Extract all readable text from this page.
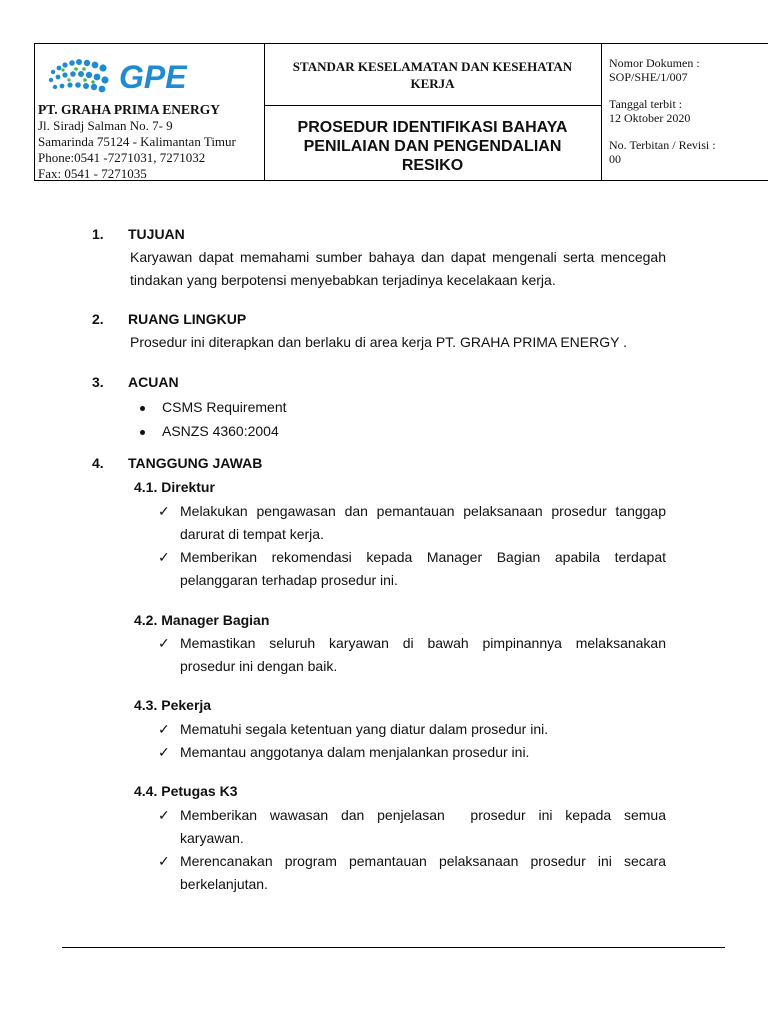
GPE
PT. GRAHA PRIMA ENERGY
Jl. Siradj Salman No. 7- 9
Samarinda 75124 - Kalimantan Timur
Phone:0541 -7271031, 7271032
Fax: 0541 - 7271035
STANDAR KESELAMATAN DAN KESEHATAN
KERJA
PROSEDUR IDENTIFIKASI BAHAYA
PENILAIAN DAN PENGENDALIAN
RESIKO
Nomor Dokumen :
SOP/SHE/1/007
Tanggal terbit :
12 Oktober 2020
No. Terbitan / Revisi :
00
1. TUJUAN
Karyawan dapat memahami sumber bahaya dan dapat mengenali serta mencegah
tindakan yang berpotensi menyebabkan terjadinya kecelakaan kerja.
2. RUANG LINGKUP
Prosedur ini diterapkan dan berlaku di area kerja PT. GRAHA PRIMA ENERGY .
3. ACUAN
CSMS Requirement
ASNZS 4360:2004
4. TANGGUNG JAWAB
4.1. Direktur
✓ Melakukan pengawasan dan pemantauan pelaksanaan prosedur tanggap
darurat di tempat kerja.
✓ Memberikan rekomendasi kepada Manager Bagian apabila terdapat
pelanggaran terhadap prosedur ini.
4.2. Manager Bagian
✓ Memastikan seluruh karyawan di bawah pimpinannya melaksanakan
prosedur ini dengan baik.
4.3. Pekerja
✓ Mematuhi segala ketentuan yang diatur dalam prosedur ini.
✓ Memantau anggotanya dalam menjalankan prosedur ini.
4.4. Petugas K3
✓ Memberikan wawasan dan penjelasan  prosedur ini kepada semua
karyawan.
✓ Merencanakan program pemantauan pelaksanaan prosedur ini secara
berkelanjutan.
